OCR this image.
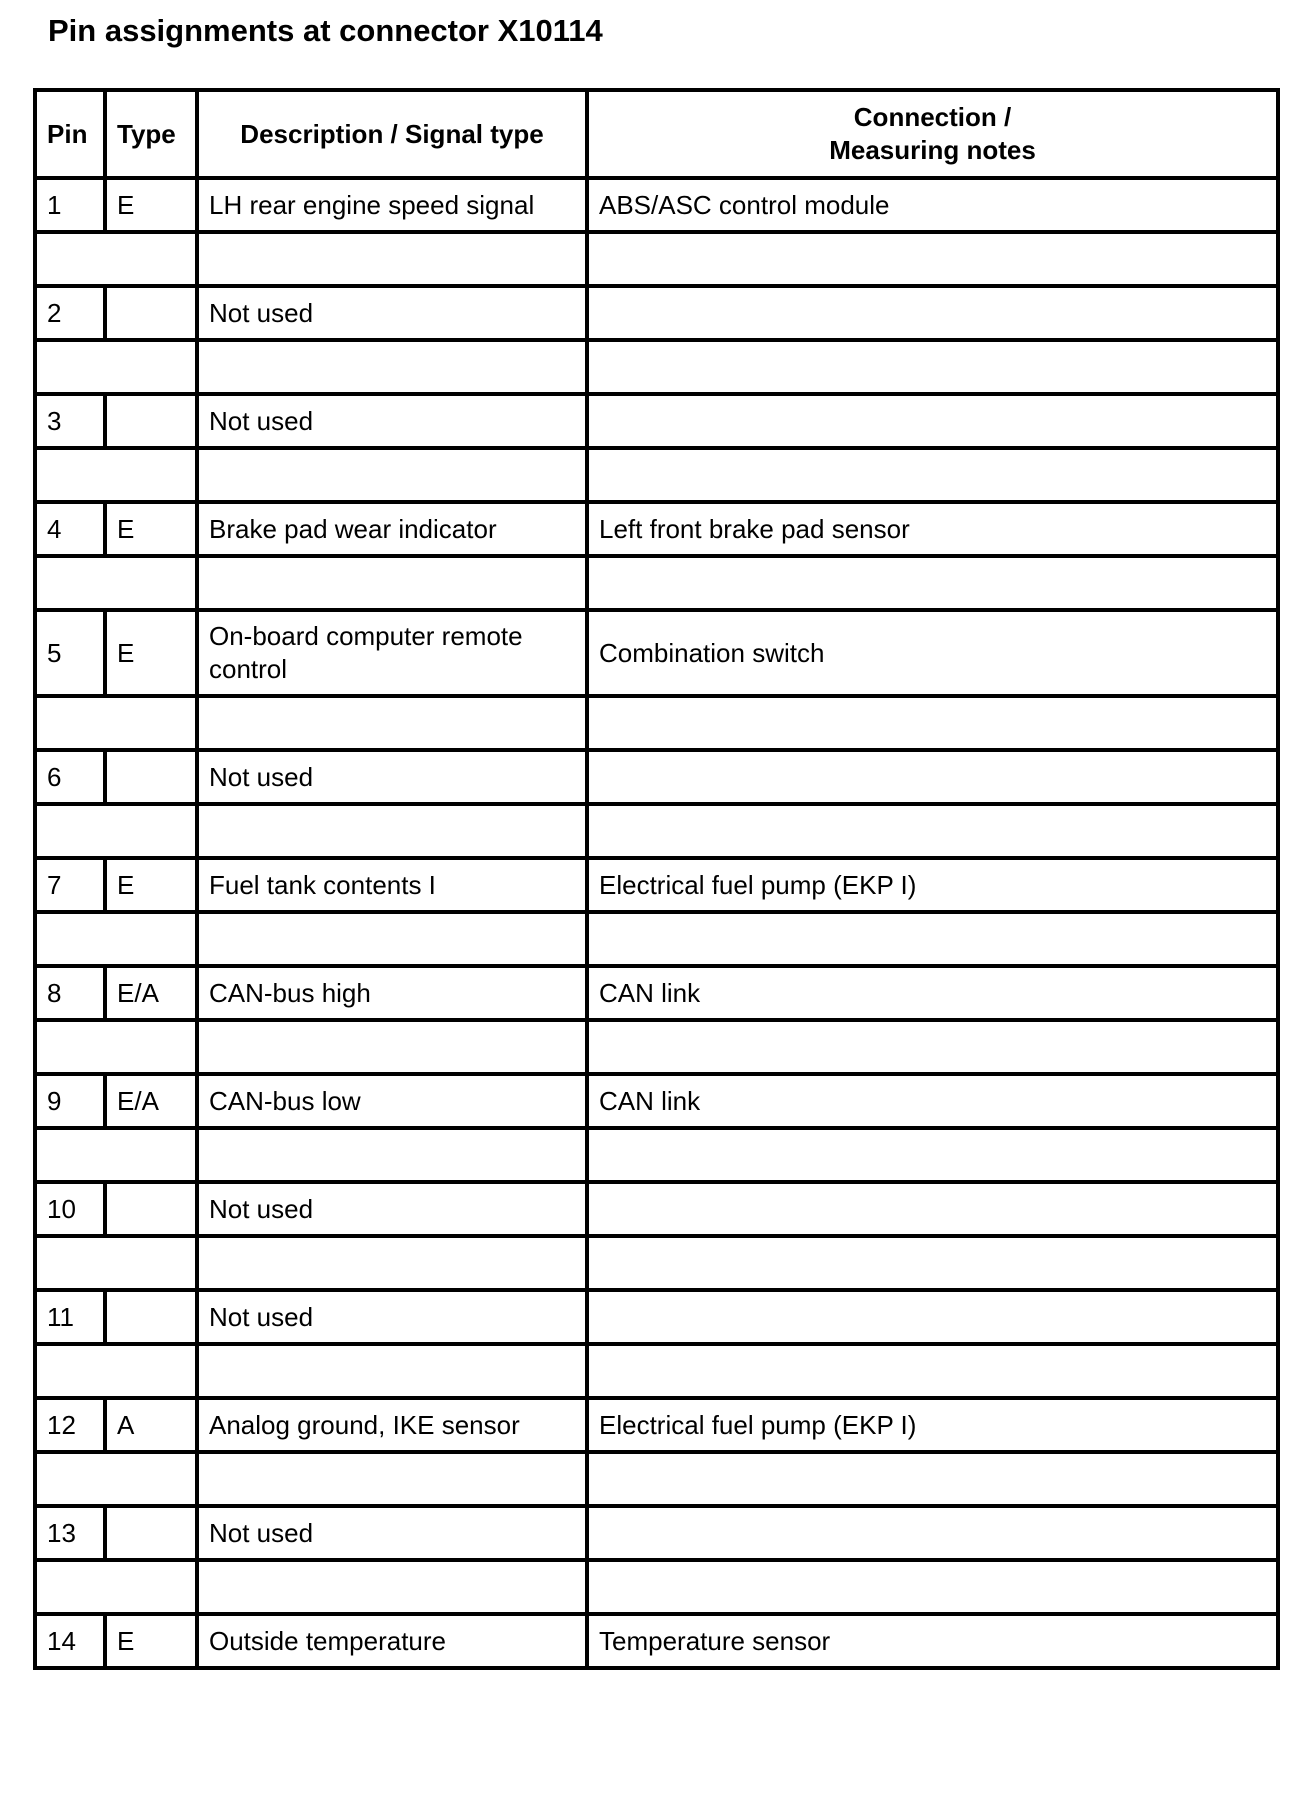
Pin assignments at connector X10114
Pin	Type	Description / Signal type	Connection /
Measuring notes
1	E	LH rear engine speed signal	ABS/ASC control module

2		Not used	

3		Not used	

4	E	Brake pad wear indicator	Left front brake pad sensor

5	E	On-board computer remote control	Combination switch

6		Not used	

7	E	Fuel tank contents I	Electrical fuel pump (EKP I)

8	E/A	CAN-bus high	CAN link

9	E/A	CAN-bus low	CAN link

10		Not used	

11		Not used	

12	A	Analog ground, IKE sensor	Electrical fuel pump (EKP I)

13		Not used	

14	E	Outside temperature	Temperature sensor
